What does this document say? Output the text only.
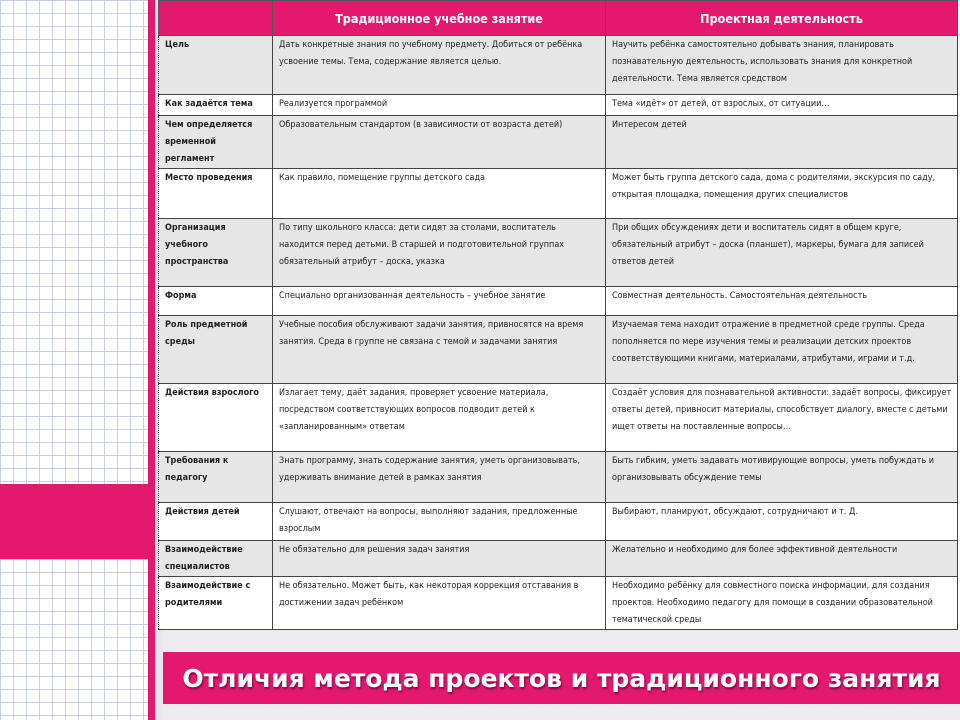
	Традиционное учебное занятие	Проектная деятельность
Цель	Дать конкретные знания по учебному предмету. Добиться от ребёнка усвоение темы. Тема, содержание является целью.	Научить ребёнка самостоятельно добывать знания, планировать познавательную деятельность, использовать знания для конкретной деятельности. Тема является средством
Как задаётся тема	Реализуется программой	Тема «идёт» от детей, от взрослых, от ситуации…
Чем определяется временной регламент	Образовательным стандартом (в зависимости от возраста детей)	Интересом детей
Место проведения	Как правило, помещение группы детского сада	Может быть группа детского сада, дома с родителями, экскурсия по саду, открытая площадка, помещения других специалистов
Организация учебного пространства	По типу школьного класса: дети сидят за столами, воспитатель находится перед детьми. В старшей и подготовительной группах обязательный атрибут – доска, указка	При общих обсуждениях дети и воспитатель сидят в общем круге, обязательный атрибут – доска (планшет), маркеры, бумага для записей ответов детей
Форма	Специально организованная деятельность – учебное занятие	Совместная деятельность. Самостоятельная деятельность
Роль предметной среды	Учебные пособия обслуживают задачи занятия, привносятся на время занятия. Среда в группе не связана с темой и задачами занятия	Изучаемая тема находит отражение в предметной среде группы. Среда пополняется по мере изучения темы и реализации детских проектов соответствующими книгами, материалами, атрибутами, играми и т.д.
Действия взрослого	Излагает тему, даёт задания, проверяет усвоение материала, посредством соответствующих вопросов подводит детей к «запланированным» ответам	Создаёт условия для познавательной активности: задаёт вопросы, фиксирует ответы детей, привносит материалы, способствует диалогу, вместе с детьми ищет ответы на поставленные вопросы…
Требования к педагогу	Знать программу, знать содержание занятия, уметь организовывать, удерживать внимание детей в рамках занятия	Быть гибким, уметь задавать мотивирующие вопросы, уметь побуждать и организовывать обсуждение темы
Действия детей	Слушают, отвечают на вопросы, выполняют задания, предложенные взрослым	Выбирают, планируют, обсуждают, сотрудничают и т. Д.
Взаимодействие специалистов	Не обязательно для решения задач занятия	Желательно и необходимо для более эффективной деятельности
Взаимодействие с родителями	Не обязательно. Может быть, как некоторая коррекция отставания в достижении задач ребёнком	Необходимо ребёнку для совместного поиска информации, для создания проектов. Необходимо педагогу для помощи в создании образовательной тематической среды
Отличия метода проектов и традиционного занятия
